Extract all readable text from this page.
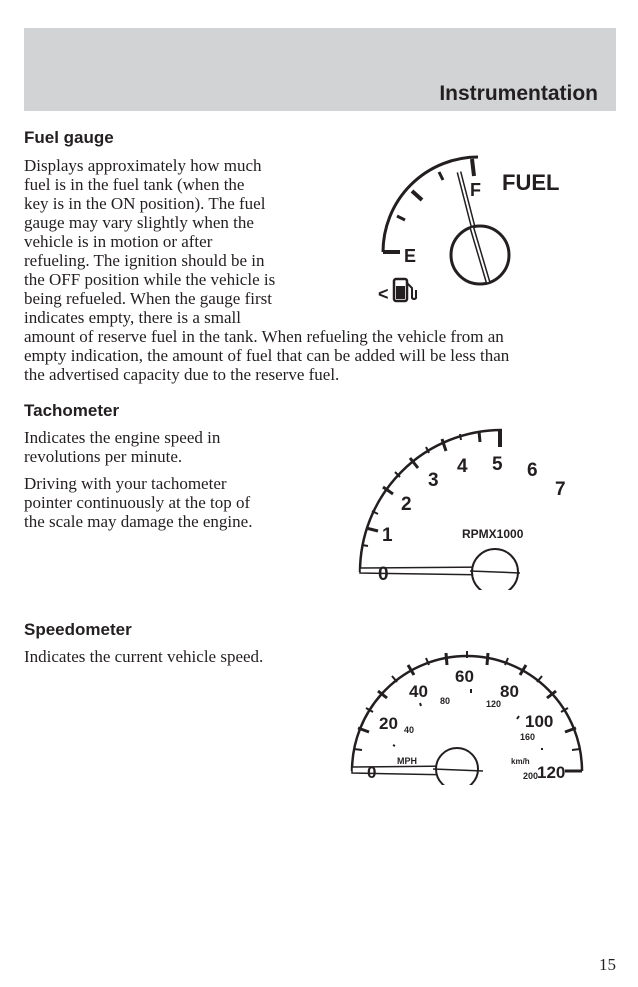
Instrumentation
Fuel gauge

Displays approximately how much

fuel is in the fuel tank (when the

key is in the ON position). The fuel

gauge may vary slightly when the

vehicle is in motion or after

refueling. The ignition should be in

the OFF position while the vehicle is

being refueled. When the gauge first

indicates empty, there is a small

amount of reserve fuel in the tank. When refueling the vehicle from an

empty indication, the amount of fuel that can be added will be less than

the advertised capacity due to the reserve fuel.

F
E
FUEL
<
Tachometer

Indicates the engine speed in

revolutions per minute.

Driving with your tachometer

pointer continuously at the top of

the scale may damage the engine.

0
1
2
3
4 5 6
7
RPMX1000
Speedometer

Indicates the current vehicle speed.

0
20
40
60
80
100
120
40
80	120
160
200
MPH	km/h
15
